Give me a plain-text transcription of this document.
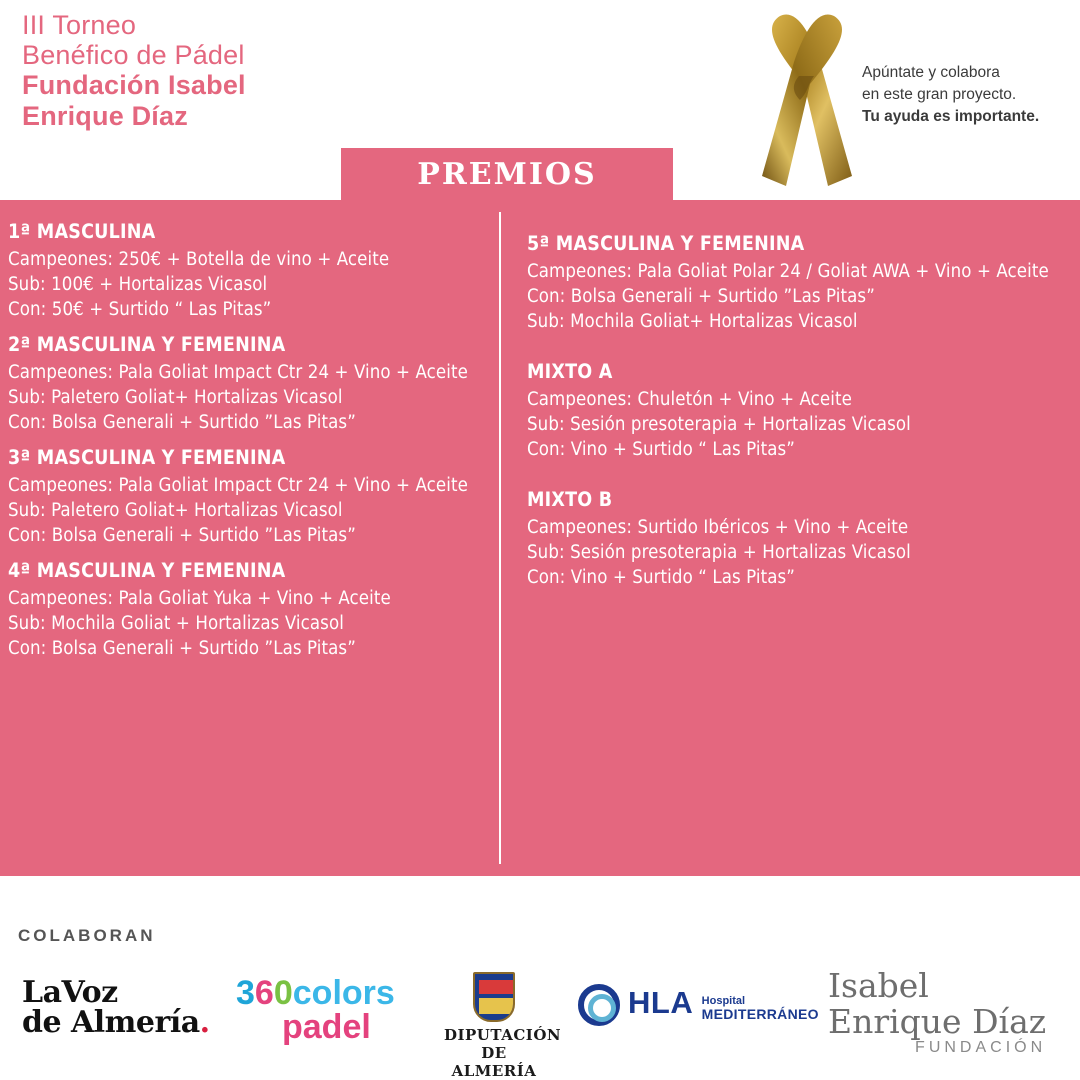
III Torneo
Benéfico de Pádel
Fundación Isabel
Enrique Díaz
Apúntate y colabora
en este gran proyecto.
Tu ayuda es importante.
PREMIOS
1ª MASCULINA
Campeones: 250€ + Botella de vino + Aceite
Sub: 100€ + Hortalizas Vicasol
Con: 50€ + Surtido “ Las Pitas”
2ª MASCULINA Y FEMENINA
Campeones: Pala Goliat Impact Ctr 24 + Vino + Aceite
Sub: Paletero Goliat+ Hortalizas Vicasol
Con: Bolsa Generali + Surtido ”Las Pitas”
3ª MASCULINA Y FEMENINA
Campeones: Pala Goliat Impact Ctr 24 + Vino + Aceite
Sub: Paletero Goliat+ Hortalizas Vicasol
Con: Bolsa Generali + Surtido ”Las Pitas”
4ª MASCULINA Y FEMENINA
Campeones: Pala Goliat Yuka + Vino + Aceite
Sub: Mochila Goliat + Hortalizas Vicasol
Con: Bolsa Generali + Surtido ”Las Pitas”
5ª MASCULINA Y FEMENINA
Campeones: Pala Goliat Polar 24 / Goliat AWA + Vino + Aceite
Con: Bolsa Generali + Surtido ”Las Pitas”
Sub: Mochila Goliat+ Hortalizas Vicasol
MIXTO A
Campeones: Chuletón + Vino + Aceite
Sub: Sesión presoterapia + Hortalizas Vicasol
Con: Vino + Surtido “ Las Pitas”
MIXTO B
Campeones: Surtido Ibéricos + Vino + Aceite
Sub: Sesión presoterapia + Hortalizas Vicasol
Con: Vino + Surtido “ Las Pitas”
COLABORAN
LaVoz
de Almería.
360colors
padel	DIPUTACIÓN
DE ALMERÍA
HLA Hospital
MEDITERRÁNEO
Isabel
Enrique Díaz
FUNDACIÓN
